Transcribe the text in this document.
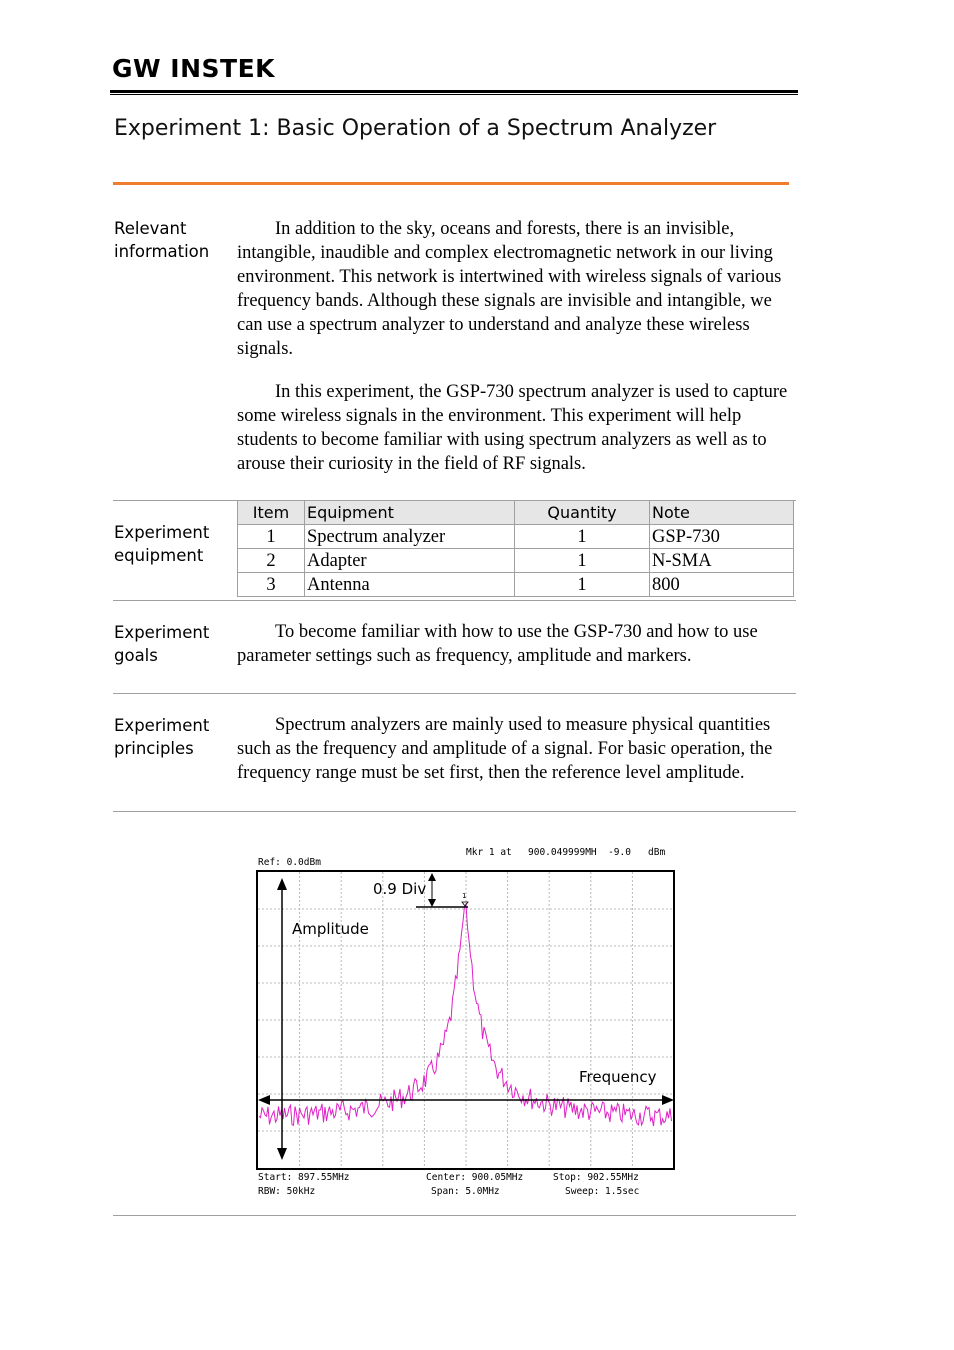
GW INSTEK
Experiment 1: Basic Operation of a Spectrum Analyzer
Relevant information

In addition to the sky, oceans and forests, there is an invisible, intangible, inaudible and complex electromagnetic network in our living environment. This network is intertwined with wireless signals of various frequency bands. Although these signals are invisible and intangible, we can use a spectrum analyzer to understand and analyze these wireless signals.

In this experiment, the GSP-730 spectrum analyzer is used to capture some wireless signals in the environment. This experiment will help students to become familiar with using spectrum analyzers as well as to arouse their curiosity in the field of RF signals.

Experiment equipment
Item	Equipment	Quantity	Note
1	Spectrum analyzer	1	GSP-730
2	Adapter	1	N-SMA
3	Antenna	1	800
Experiment goals

To become familiar with how to use the GSP-730 and how to use parameter settings such as frequency, amplitude and markers.

Experiment principles

Spectrum analyzers are mainly used to measure physical quantities such as the frequency and amplitude of a signal. For basic operation, the frequency range must be set first, then the reference level amplitude.

Ref: 0.0dBm
Mkr 1 at 900.049999MH  -9.0 dBm
1
0.9 Div
Amplitude
Frequency
Start: 897.55MHz	Center: 900.05MHz	Stop: 902.55MHz
RBW: 50kHz	Span: 5.0MHz	Sweep: 1.5sec
